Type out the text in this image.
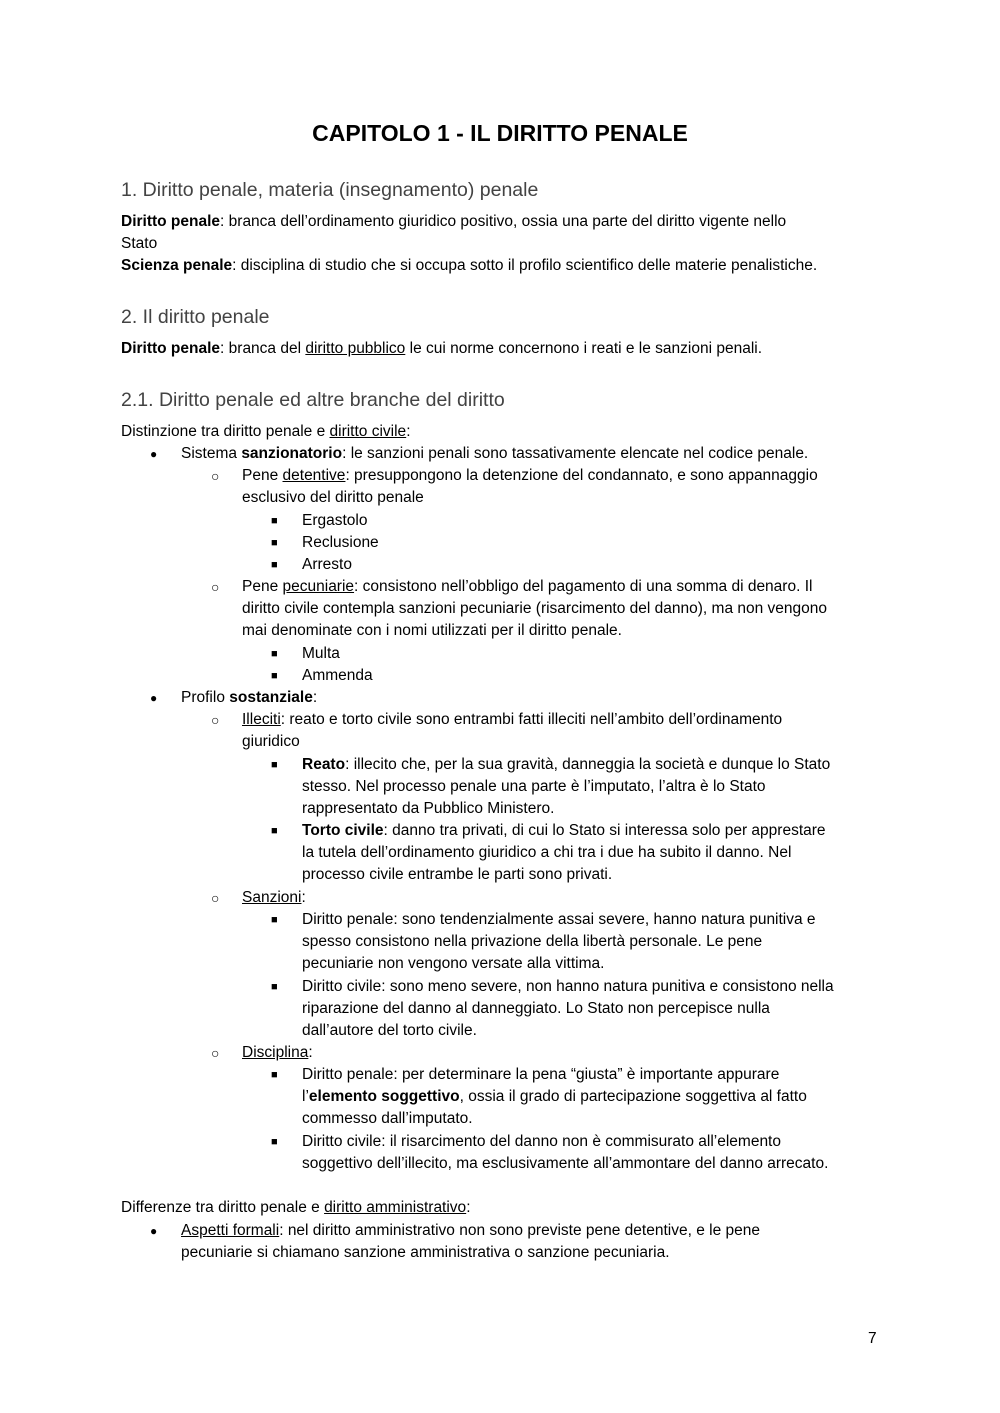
CAPITOLO 1 - IL DIRITTO PENALE
1. Diritto penale, materia (insegnamento) penale
Diritto penale: branca dell’ordinamento giuridico positivo, ossia una parte del diritto vigente nello
Stato
Scienza penale: disciplina di studio che si occupa sotto il profilo scientifico delle materie penalistiche.
2. Il diritto penale
Diritto penale: branca del diritto pubblico le cui norme concernono i reati e le sanzioni penali.
2.1. Diritto penale ed altre branche del diritto
Distinzione tra diritto penale e diritto civile:
● Sistema sanzionatorio: le sanzioni penali sono tassativamente elencate nel codice penale.
○ Pene detentive: presuppongono la detenzione del condannato, e sono appannaggio
esclusivo del diritto penale
■ Ergastolo
■ Reclusione
■ Arresto
○ Pene pecuniarie: consistono nell’obbligo del pagamento di una somma di denaro. Il
diritto civile contempla sanzioni pecuniarie (risarcimento del danno), ma non vengono
mai denominate con i nomi utilizzati per il diritto penale.
■ Multa
■ Ammenda
● Profilo sostanziale:
○ Illeciti: reato e torto civile sono entrambi fatti illeciti nell’ambito dell’ordinamento
giuridico
■ Reato: illecito che, per la sua gravità, danneggia la società e dunque lo Stato
stesso. Nel processo penale una parte è l’imputato, l’altra è lo Stato
rappresentato da Pubblico Ministero.
■ Torto civile: danno tra privati, di cui lo Stato si interessa solo per apprestare
la tutela dell’ordinamento giuridico a chi tra i due ha subito il danno. Nel
processo civile entrambe le parti sono privati.
○ Sanzioni:
■ Diritto penale: sono tendenzialmente assai severe, hanno natura punitiva e
spesso consistono nella privazione della libertà personale. Le pene
pecuniarie non vengono versate alla vittima.
■ Diritto civile: sono meno severe, non hanno natura punitiva e consistono nella
riparazione del danno al danneggiato. Lo Stato non percepisce nulla
dall’autore del torto civile.
○ Disciplina:
■ Diritto penale: per determinare la pena “giusta” è importante appurare
l’elemento soggettivo, ossia il grado di partecipazione soggettiva al fatto
commesso dall’imputato.
■ Diritto civile: il risarcimento del danno non è commisurato all’elemento
soggettivo dell’illecito, ma esclusivamente all’ammontare del danno arrecato.
Differenze tra diritto penale e diritto amministrativo:
● Aspetti formali: nel diritto amministrativo non sono previste pene detentive, e le pene
pecuniarie si chiamano sanzione amministrativa o sanzione pecuniaria.
7
